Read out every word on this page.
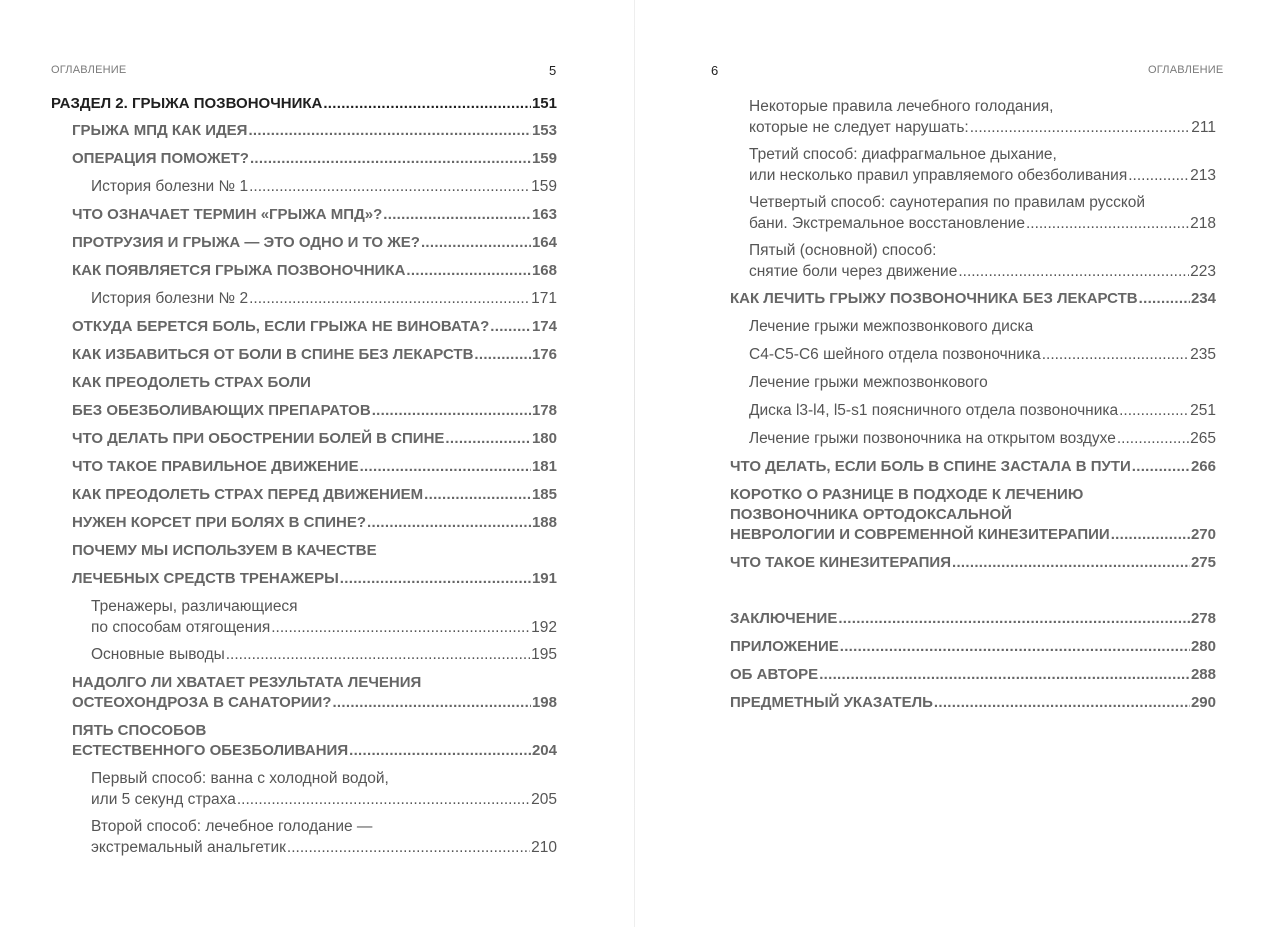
ОГЛАВЛЕНИЕ	5
РАЗДЕЛ 2. ГРЫЖА ПОЗВОНОЧНИКА .....	151
ГРЫЖА МПД КАК ИДЕЯ .....	153
ОПЕРАЦИЯ ПОМОЖЕТ? .....	159
История болезни № 1 .....	159
ЧТО ОЗНАЧАЕТ ТЕРМИН «ГРЫЖА МПД»? .....	163
ПРОТРУЗИЯ И ГРЫЖА — ЭТО ОДНО И ТО ЖЕ? .....	164
КАК ПОЯВЛЯЕТСЯ ГРЫЖА ПОЗВОНОЧНИКА .....	168
История болезни № 2 .....	171
ОТКУДА БЕРЕТСЯ БОЛЬ, ЕСЛИ ГРЫЖА НЕ ВИНОВАТА? .....	174
КАК ИЗБАВИТЬСЯ ОТ БОЛИ В СПИНЕ БЕЗ ЛЕКАРСТВ .....	176
КАК ПРЕОДОЛЕТЬ СТРАХ БОЛИ
БЕЗ ОБЕЗБОЛИВАЮЩИХ ПРЕПАРАТОВ .....	178
ЧТО ДЕЛАТЬ ПРИ ОБОСТРЕНИИ БОЛЕЙ В СПИНЕ .....	180
ЧТО ТАКОЕ ПРАВИЛЬНОЕ ДВИЖЕНИЕ .....	181
КАК ПРЕОДОЛЕТЬ СТРАХ ПЕРЕД ДВИЖЕНИЕМ .....	185
НУЖЕН КОРСЕТ ПРИ БОЛЯХ В СПИНЕ? .....	188
ПОЧЕМУ МЫ ИСПОЛЬЗУЕМ В КАЧЕСТВЕ
ЛЕЧЕБНЫХ СРЕДСТВ ТРЕНАЖЕРЫ .....	191
Тренажеры, различающиеся
по способам отягощения .....	192
Основные выводы .....	195
НАДОЛГО ЛИ ХВАТАЕТ РЕЗУЛЬТАТА ЛЕЧЕНИЯ
ОСТЕОХОНДРОЗА В САНАТОРИИ? .....	198
ПЯТЬ СПОСОБОВ
ЕСТЕСТВЕННОГО ОБЕЗБОЛИВАНИЯ .....	204
Первый способ: ванна с холодной водой,
или 5 секунд страха .....	205
Второй способ: лечебное голодание —
экстремальный анальгетик .....	210
6	ОГЛАВЛЕНИЕ
Некоторые правила лечебного голодания,
которые не следует нарушать: .....	211
Третий способ: диафрагмальное дыхание,
или несколько правил управляемого обезболивания .....	213
Четвертый способ: саунотерапия по правилам русской
бани. Экстремальное восстановление .....	218
Пятый (основной) способ:
снятие боли через движение .....	223
КАК ЛЕЧИТЬ ГРЫЖУ ПОЗВОНОЧНИКА БЕЗ ЛЕКАРСТВ .....	234
Лечение грыжи межпозвонкового диска
С4-С5-С6 шейного отдела позвоночника .....	235
Лечение грыжи межпозвонкового
Диска l3-l4, l5-s1 поясничного отдела позвоночника .....	251
Лечение грыжи позвоночника на открытом воздухе .....	265
ЧТО ДЕЛАТЬ, ЕСЛИ БОЛЬ В СПИНЕ ЗАСТАЛА В ПУТИ .....	266
КОРОТКО О РАЗНИЦЕ В ПОДХОДЕ К ЛЕЧЕНИЮ
ПОЗВОНОЧНИКА ОРТОДОКСАЛЬНОЙ
НЕВРОЛОГИИ И СОВРЕМЕННОЙ КИНЕЗИТЕРАПИИ .....	270
ЧТО ТАКОЕ КИНЕЗИТЕРАПИЯ .....	275
ЗАКЛЮЧЕНИЕ .....	278
ПРИЛОЖЕНИЕ .....	280
ОБ АВТОРЕ .....	288
ПРЕДМЕТНЫЙ УКАЗАТЕЛЬ .....	290
